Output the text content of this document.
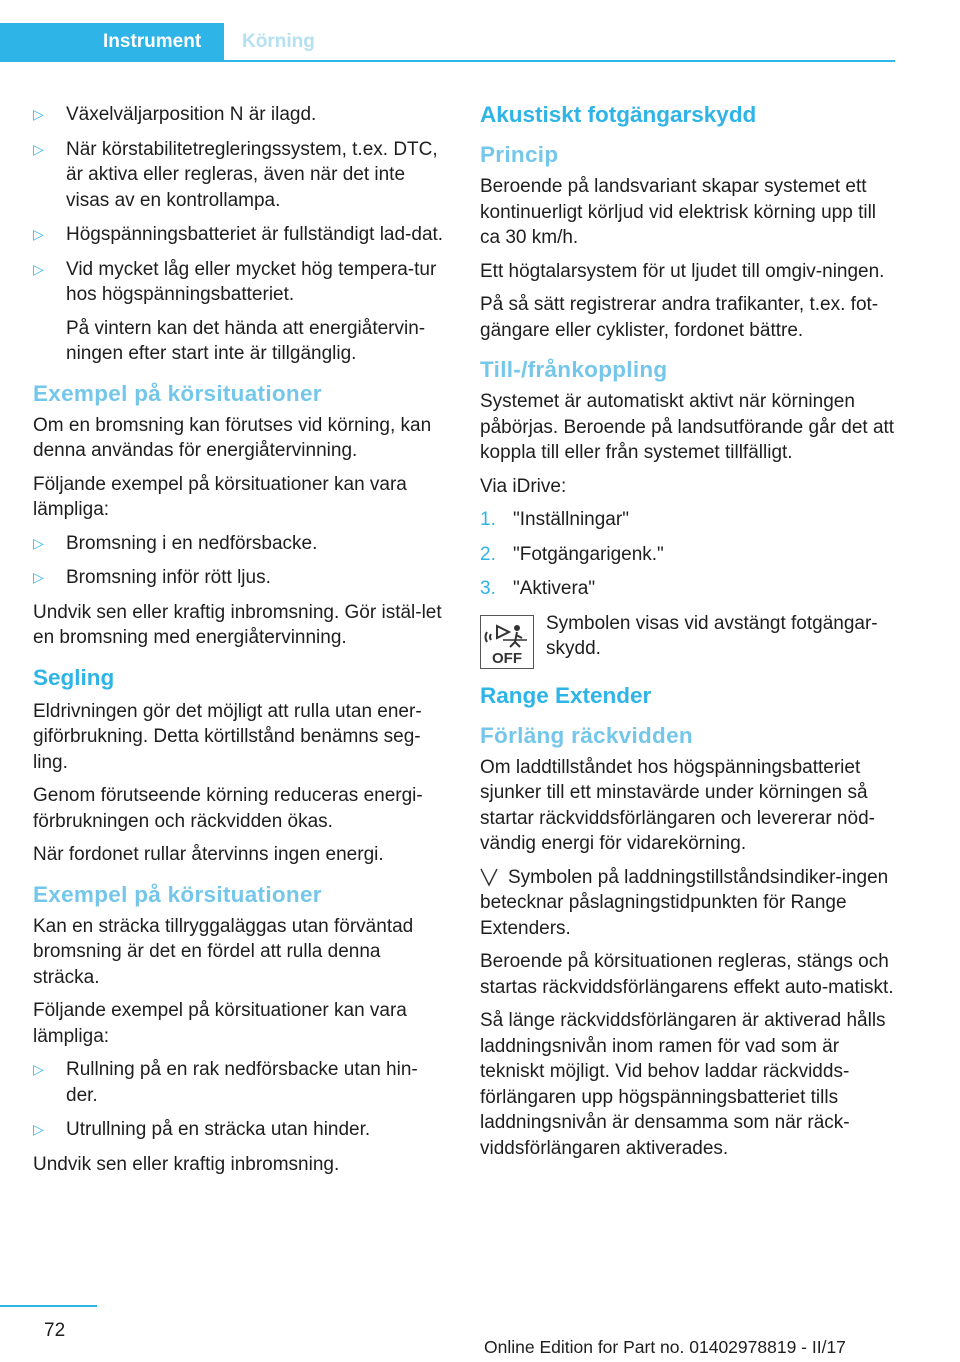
Instrument Körning
▷ Växelväljarposition N är ilagd.
▷ När körstabilitetregleringssystem, t.ex. DTC, är aktiva eller regleras, även när det inte visas av en kontrollampa.
▷ Högspänningsbatteriet är fullständigt lad‐dat.
▷ Vid mycket låg eller mycket hög tempera‐tur hos högspänningsbatteriet.

På vintern kan det hända att energiåtervin‐ningen efter start inte är tillgänglig.

Exempel på körsituationer

Om en bromsning kan förutses vid körning, kan denna användas för energiåtervinning.

Följande exempel på körsituationer kan vara lämpliga:

▷ Bromsning i en nedförsbacke.
▷ Bromsning inför rött ljus.

Undvik sen eller kraftig inbromsning. Gör istäl‐let en bromsning med energiåtervinning.

Segling

Eldrivningen gör det möjligt att rulla utan ener‐giförbrukning. Detta körtillstånd benämns seg‐ling.

Genom förutseende körning reduceras energi‐förbrukningen och räckvidden ökas.

När fordonet rullar återvinns ingen energi.

Exempel på körsituationer

Kan en sträcka tillryggaläggas utan förväntad bromsning är det en fördel att rulla denna sträcka.

Följande exempel på körsituationer kan vara lämpliga:

▷ Rullning på en rak nedförsbacke utan hin‐der.
▷ Utrullning på en sträcka utan hinder.

Undvik sen eller kraftig inbromsning.

Akustiskt fotgängarskydd
Princip

Beroende på landsvariant skapar systemet ett kontinuerligt körljud vid elektrisk körning upp till ca 30 km/h.

Ett högtalarsystem för ut ljudet till omgiv‐ningen.

På så sätt registrerar andra trafikanter, t.ex. fot‐gängare eller cyklister, fordonet bättre.

Till-/frånkoppling

Systemet är automatiskt aktivt när körningen påbörjas. Beroende på landsutförande går det att koppla till eller från systemet tillfälligt.

Via iDrive:

1. "Inställningar"
2. "Fotgängarigenk."
3. "Aktivera"
OFF

Symbolen visas vid avstängt fotgängar‐skydd.

Range Extender
Förläng räckvidden

Om laddtillståndet hos högspänningsbatteriet sjunker till ett minstavärde under körningen så startar räckviddsförlängaren och levererar nöd‐vändig energi för vidarekörning.

Symbolen på laddningstillståndsindiker‐ingen betecknar påslagningstidpunkten för Range Extenders.

Beroende på körsituationen regleras, stängs och startas räckviddsförlängarens effekt auto‐matiskt.

Så länge räckviddsförlängaren är aktiverad hålls laddningsnivån inom ramen för vad som är tekniskt möjligt. Vid behov laddar räckvidds‐förlängaren upp högspänningsbatteriet tills laddningsnivån är densamma som när räck‐viddsförlängaren aktiverades.

72
Online Edition for Part no. 01402978819 - II/17
